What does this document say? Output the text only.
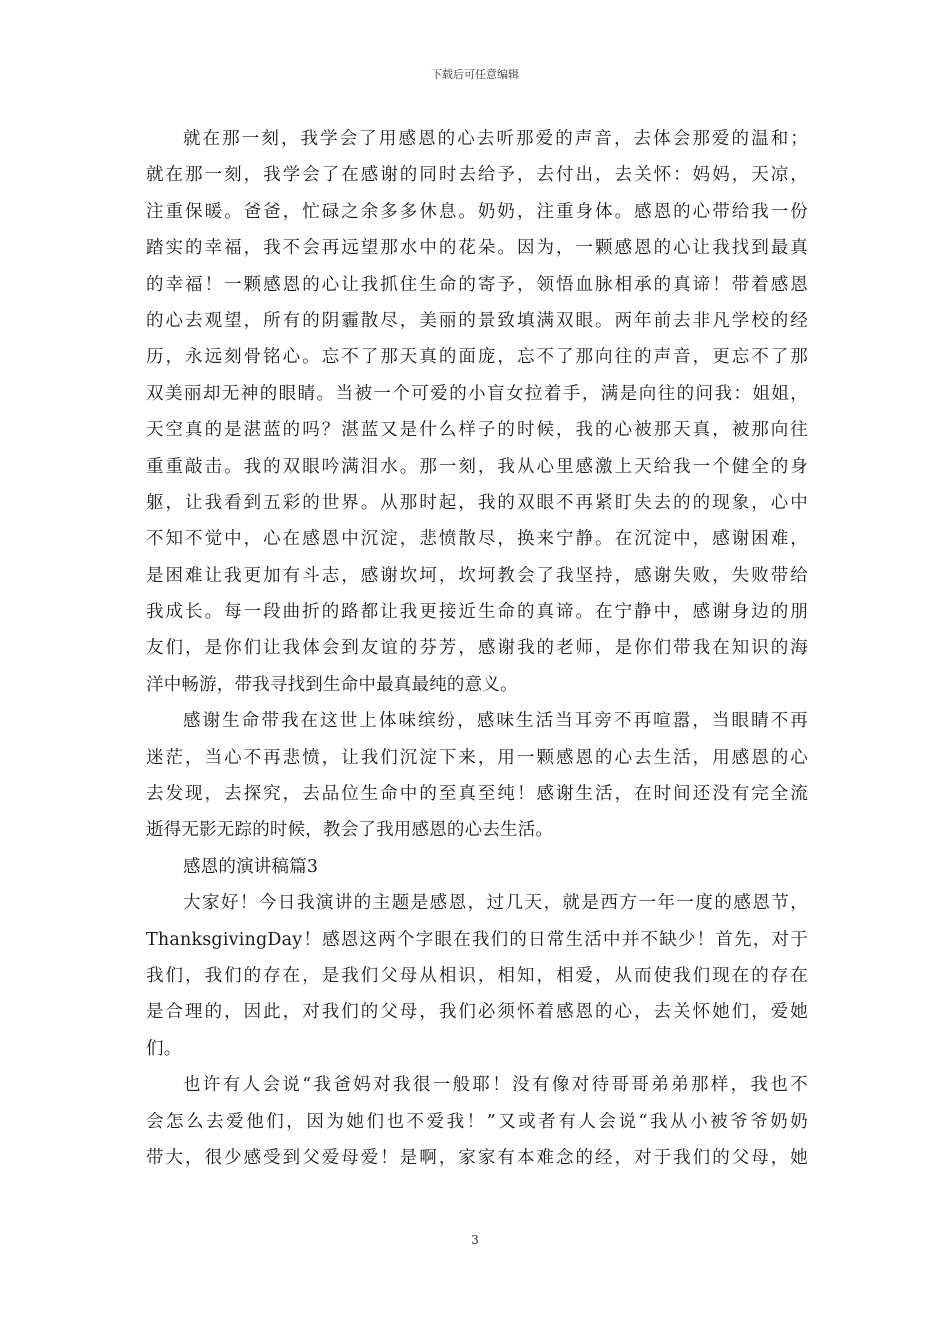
下载后可任意编辑
就在那一刻，我学会了用感恩的心去听那爱的声音，去体会那爱的温和；
就在那一刻，我学会了在感谢的同时去给予，去付出，去关怀：妈妈，天凉，
注重保暖。爸爸，忙碌之余多多休息。奶奶，注重身体。感恩的心带给我一份
踏实的幸福，我不会再远望那水中的花朵。因为，一颗感恩的心让我找到最真
的幸福！一颗感恩的心让我抓住生命的寄予，领悟血脉相承的真谛！带着感恩
的心去观望，所有的阴霾散尽，美丽的景致填满双眼。两年前去非凡学校的经
历，永远刻骨铭心。忘不了那天真的面庞，忘不了那向往的声音，更忘不了那
双美丽却无神的眼睛。当被一个可爱的小盲女拉着手，满是向往的问我：姐姐，
天空真的是湛蓝的吗？湛蓝又是什么样子的时候，我的心被那天真，被那向往
重重敲击。我的双眼吟满泪水。那一刻，我从心里感激上天给我一个健全的身
躯，让我看到五彩的世界。从那时起，我的双眼不再紧盯失去的的现象，心中
不知不觉中，心在感恩中沉淀，悲愤散尽，换来宁静。在沉淀中，感谢困难，
是困难让我更加有斗志，感谢坎坷，坎坷教会了我坚持，感谢失败，失败带给
我成长。每一段曲折的路都让我更接近生命的真谛。在宁静中，感谢身边的朋
友们，是你们让我体会到友谊的芬芳，感谢我的老师，是你们带我在知识的海
洋中畅游，带我寻找到生命中最真最纯的意义。
感谢生命带我在这世上体味缤纷，感味生活当耳旁不再喧嚣，当眼睛不再
迷茫，当心不再悲愤，让我们沉淀下来，用一颗感恩的心去生活，用感恩的心
去发现，去探究，去品位生命中的至真至纯！感谢生活，在时间还没有完全流
逝得无影无踪的时候，教会了我用感恩的心去生活。
感恩的演讲稿篇3
大家好！今日我演讲的主题是感恩，过几天，就是西方一年一度的感恩节，
ThanksgivingDay！感恩这两个字眼在我们的日常生活中并不缺少！首先，对于
我们，我们的存在，是我们父母从相识，相知，相爱，从而使我们现在的存在
是合理的，因此，对我们的父母，我们必须怀着感恩的心，去关怀她们，爱她
们。
也许有人会说“我爸妈对我很一般耶！没有像对待哥哥弟弟那样，我也不
会怎么去爱他们，因为她们也不爱我！”又或者有人会说“我从小被爷爷奶奶
带大，很少感受到父爱母爱！是啊，家家有本难念的经，对于我们的父母，她
3
